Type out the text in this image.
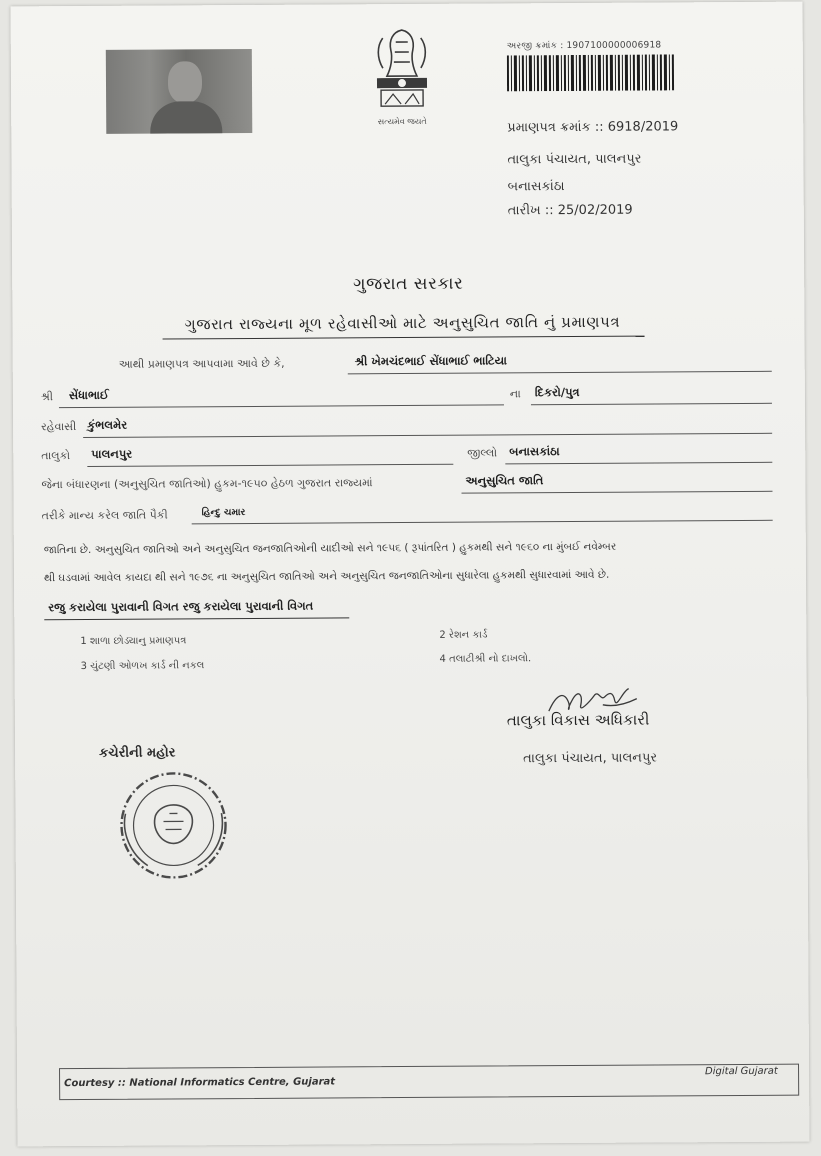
સત્યમેવ જયતે
અરજી ક્રમાંક : 1907100000006918
પ્રમાણપત્ર ક્રમાંક :: 6918/2019
તાલુકા પંચાયત, પાલનપુર
બનાસકાંઠા
તારીખ :: 25/02/2019
ગુજરાત સરકાર
ગુજરાત રાજ્યના મૂળ રહેવાસીઓ માટે અનુસુચિત જાતિ નું પ્રમાણપત્ર
આથી પ્રમાણપત્ર આપવામા આવે છે કે,	શ્રી ખેમચંદભાઈ સેંધાભાઈ ભાટિયા
શ્રી સેંધાભાઈ	ના દિકરો/પુત્ર
રહેવાસી કુંભલમેર
તાલુકો પાલનપુર	જીલ્લો બનાસકાંઠા
જેના બંધારણના (અનુસુચિત જાતિઓ) હુકમ-૧૯૫૦ હેઠળ ગુજરાત રાજ્યમાં	અનુસુચિત જાતિ
તરીકે માન્ય કરેલ જાતિ પૈકી	હિન્દુ ચમાર
જાતિના છે. અનુસુચિત જાતિઓ અને અનુસુચિત જનજાતિઓની યાદીઓ સને ૧૯૫૬ ( રૂપાંતરિત ) હુકમથી સને ૧૯૬૦ ના મુંબઈ નવેમ્બર
થી ઘડવામાં આવેલ કાયદા થી સને ૧૯૭૬ ના અનુસુચિત જાતિઓ અને અનુસુચિત જનજાતિઓના સુધારેલા હુકમથી સુધારવામાં આવે છે.
રજુ કરાયેલા પુરાવાની વિગત રજુ કરાયેલા પુરાવાની વિગત
1 શાળા છોડ્યાનુ પ્રમાણપત્ર
2 રેશન કાર્ડ
3 ચુંટણી ઓળખ કાર્ડ ની નકલ
4 તલાટીશ્રી નો દાખલો.
તાલુકા વિકાસ અધિકારી
તાલુકા પંચાયત, પાલનપુર
કચેરીની મહોર
Courtesy :: National Informatics Centre, Gujarat
Digital Gujarat
